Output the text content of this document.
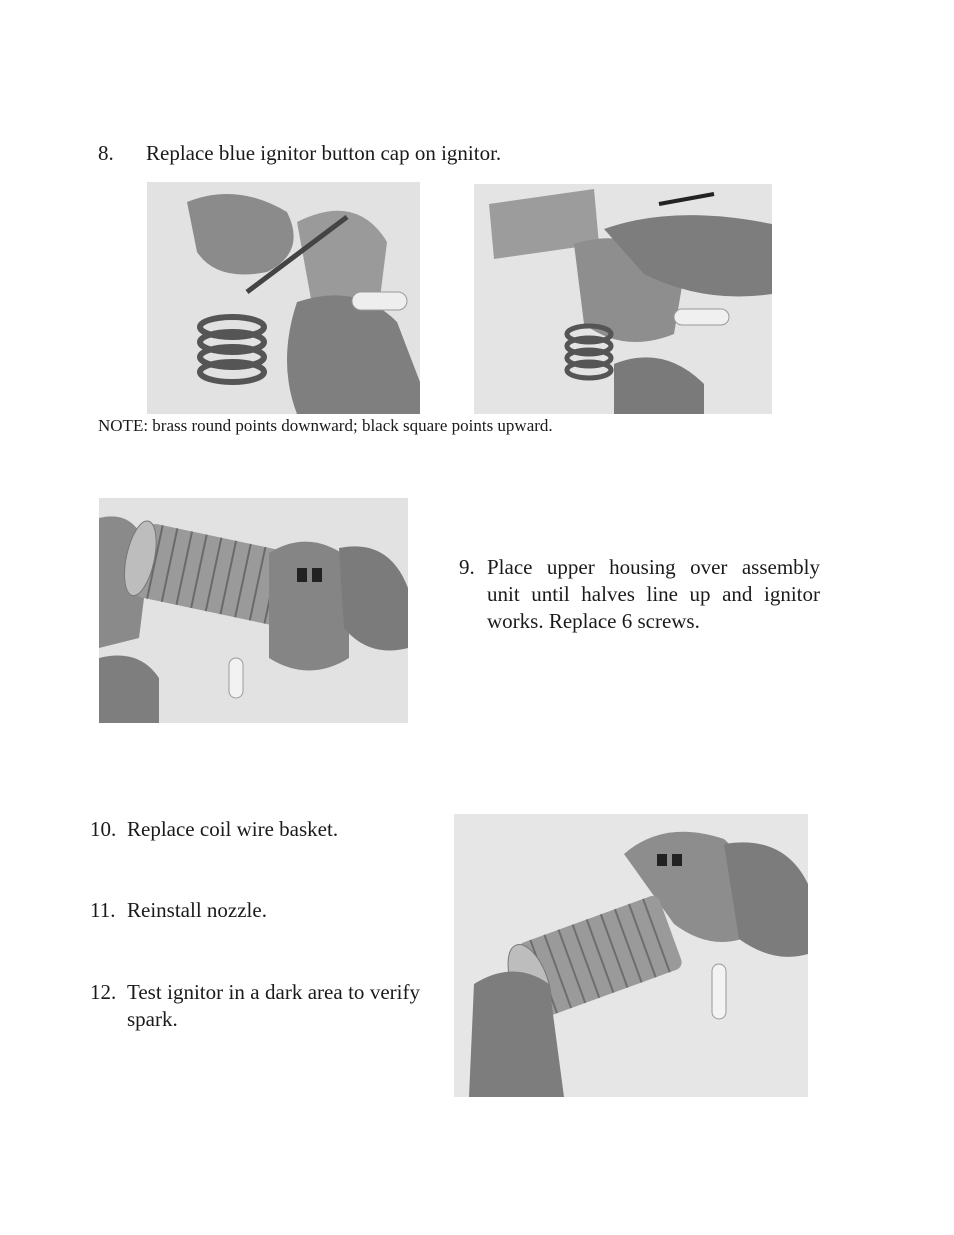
8. Replace blue ignitor button cap on ignitor.
NOTE: brass round points downward; black square points upward.
9. Place upper housing over assembly unit until halves line up and ignitor works. Replace 6 screws.
10. Replace coil wire basket.
11. Reinstall nozzle.
12. Test ignitor in a dark area to verify spark.
